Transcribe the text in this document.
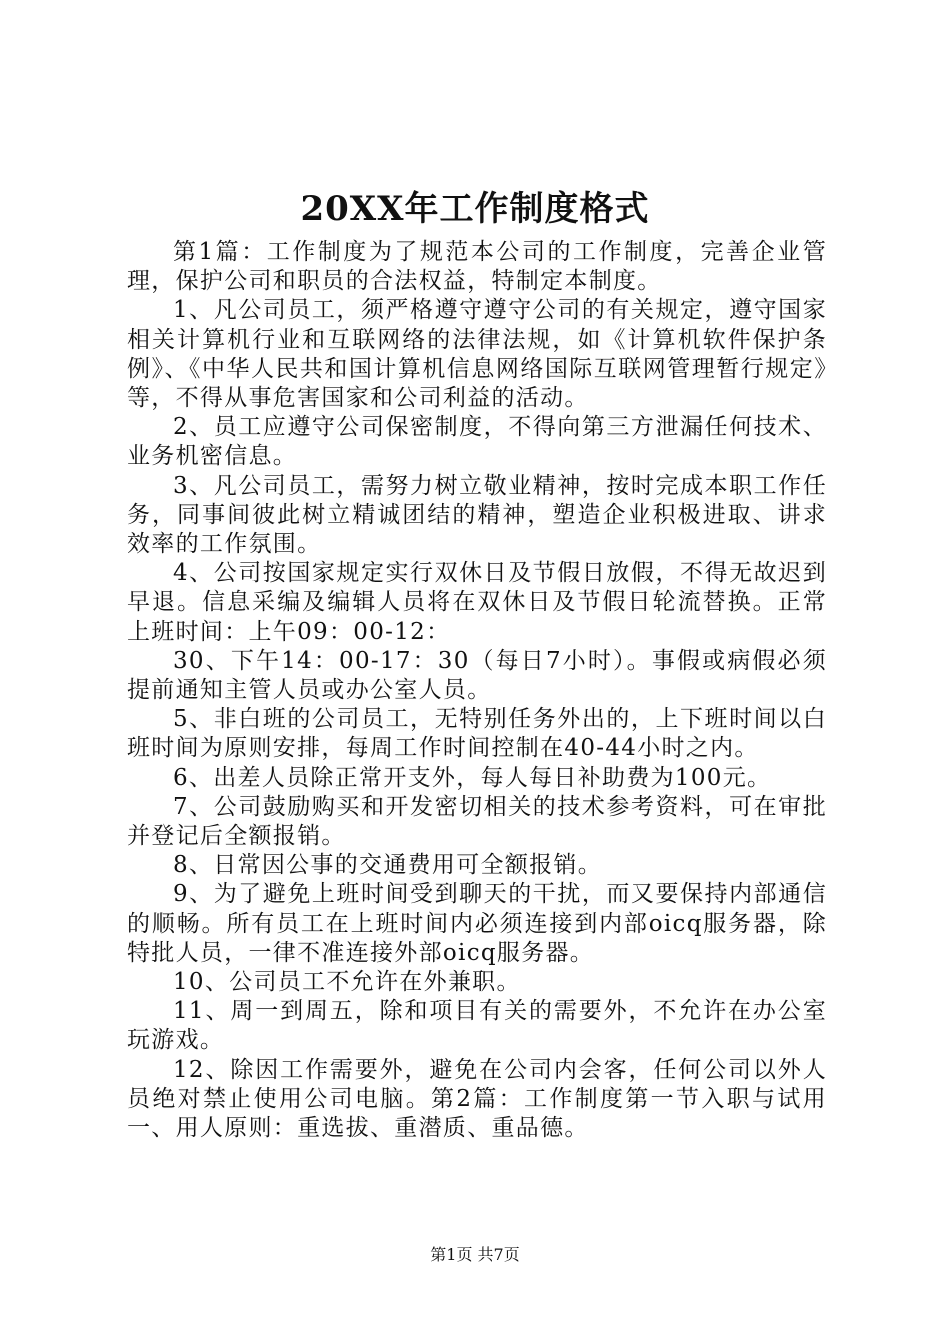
20XX年工作制度格式

第1篇：工作制度为了规范本公司的工作制度，完善企业管理，保护公司和职员的合法权益，特制定本制度。

1、凡公司员工，须严格遵守遵守公司的有关规定，遵守国家相关计算机行业和互联网络的法律法规，如《计算机软件保护条例》、《中华人民共和国计算机信息网络国际互联网管理暂行规定》等，不得从事危害国家和公司利益的活动。

2、员工应遵守公司保密制度，不得向第三方泄漏任何技术、业务机密信息。

3、凡公司员工，需努力树立敬业精神，按时完成本职工作任务，同事间彼此树立精诚团结的精神，塑造企业积极进取、讲求效率的工作氛围。

4、公司按国家规定实行双休日及节假日放假，不得无故迟到早退。信息采编及编辑人员将在双休日及节假日轮流替换。正常上班时间：上午09：00-12：

30、下午14：00-17：30（每日7小时）。事假或病假必须提前通知主管人员或办公室人员。

5、非白班的公司员工，无特别任务外出的，上下班时间以白班时间为原则安排，每周工作时间控制在40-44小时之内。

6、出差人员除正常开支外，每人每日补助费为100元。

7、公司鼓励购买和开发密切相关的技术参考资料，可在审批并登记后全额报销。

8、日常因公事的交通费用可全额报销。

9、为了避免上班时间受到聊天的干扰，而又要保持内部通信的顺畅。所有员工在上班时间内必须连接到内部oicq服务器，除特批人员，一律不准连接外部oicq服务器。

10、公司员工不允许在外兼职。

11、周一到周五，除和项目有关的需要外，不允许在办公室玩游戏。

12、除因工作需要外，避免在公司内会客，任何公司以外人员绝对禁止使用公司电脑。第2篇：工作制度第一节入职与试用一、用人原则：重选拔、重潜质、重品德。

第1页 共7页
